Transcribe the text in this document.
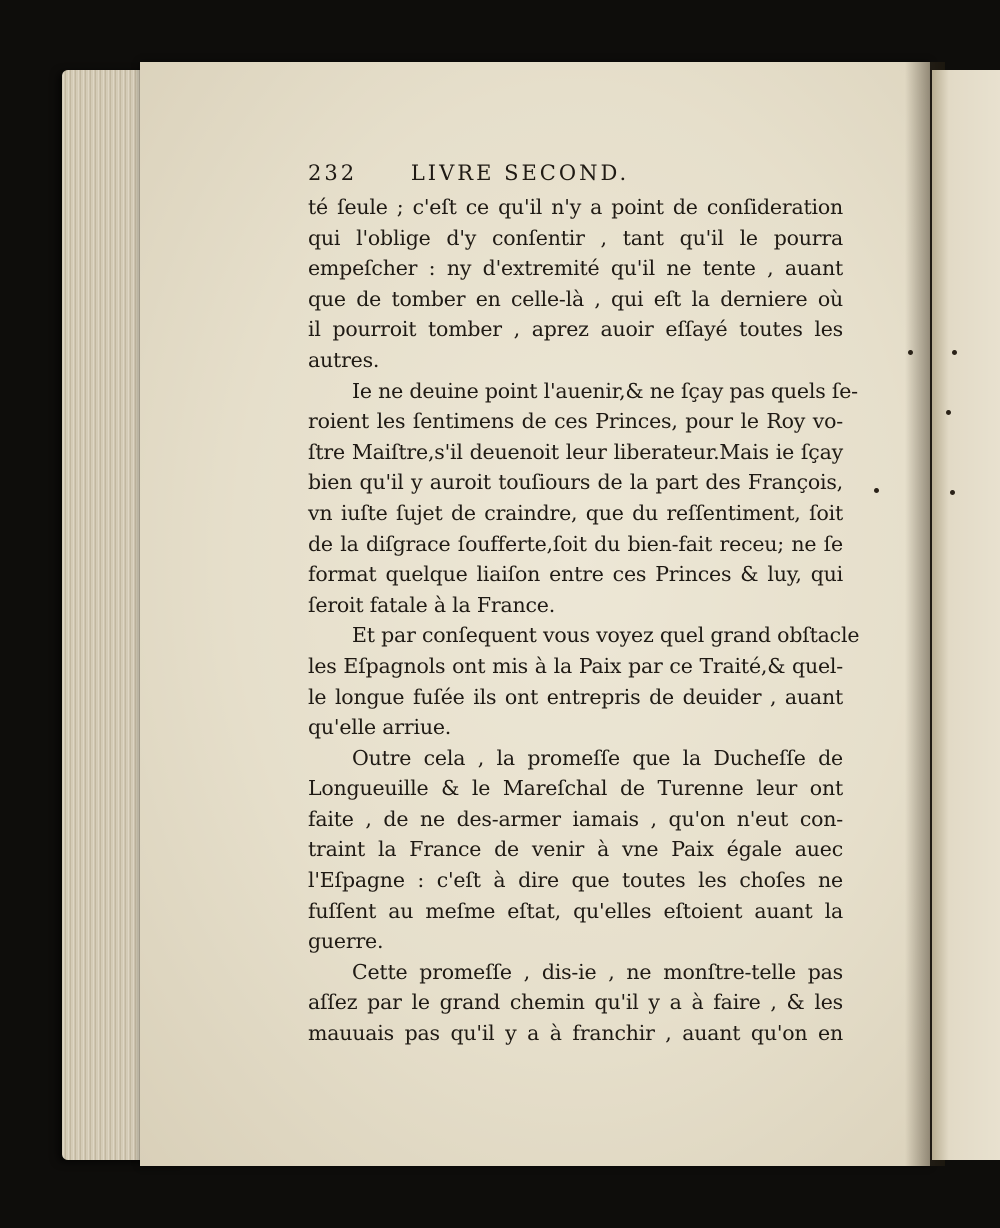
232	LIVRE SECOND.
té ſeule ; c'eſt ce qu'il n'y a point de conſideration
qui l'oblige d'y conſentir , tant qu'il le pourra
empeſcher : ny d'extremité qu'il ne tente , auant
que de tomber en celle-là , qui eſt la derniere où
il pourroit tomber , aprez auoir eſſayé toutes les
autres.
Ie ne deuine point l'auenir,& ne ſçay pas quels ſe-
roient les ſentimens de ces Princes, pour le Roy vo-
ſtre Maiſtre,s'il deuenoit leur liberateur.Mais ie ſçay
bien qu'il y auroit touſiours de la part des François,
vn iuſte ſujet de craindre, que du reſſentiment, ſoit
de la diſgrace ſoufferte,ſoit du bien-fait receu; ne ſe
format quelque liaiſon entre ces Princes & luy, qui
ſeroit fatale à la France.
Et par conſequent vous voyez quel grand obſtacle
les Eſpagnols ont mis à la Paix par ce Traité,& quel-
le longue fuſée ils ont entrepris de deuider , auant
qu'elle arriue.
Outre cela , la promeſſe que la Ducheſſe de
Longueuille & le Mareſchal de Turenne leur ont
faite , de ne des-armer iamais , qu'on n'eut con-
traint la France de venir à vne Paix égale auec
l'Eſpagne : c'eſt à dire que toutes les choſes ne
fuſſent au meſme eſtat, qu'elles eſtoient auant la
guerre.
Cette promeſſe , dis-ie , ne monſtre-telle pas
aſſez par le grand chemin qu'il y a à faire , & les
mauuais pas qu'il y a à franchir , auant qu'on en
